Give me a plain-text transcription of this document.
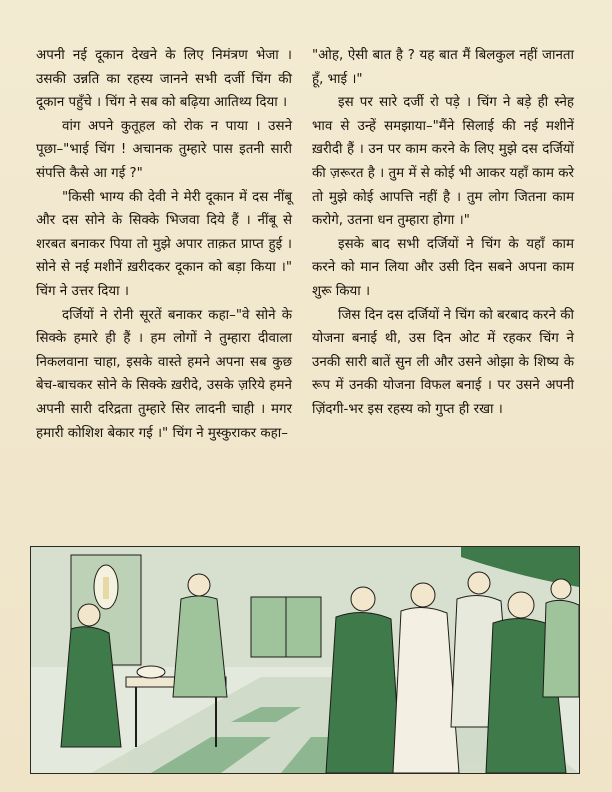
अपनी नई दूकान देखने के लिए निमंत्रण भेजा । उसकी उन्नति का रहस्य जानने सभी दर्जी चिंग की दूकान पहुँचे । चिंग ने सब को बढ़िया आतिथ्य दिया ।

वांग अपने कुतूहल को रोक न पाया । उसने पूछा–"भाई चिंग ! अचानक तुम्हारे पास इतनी सारी संपत्ति कैसे आ गई ?"

"किसी भाग्य की देवी ने मेरी दूकान में दस नींबू और दस सोने के सिक्के भिजवा दिये हैं । नींबू से शरबत बनाकर पिया तो मुझे अपार ताक़त प्राप्त हुई । सोने से नई मशीनें ख़रीदकर दूकान को बड़ा किया ।" चिंग ने उत्तर दिया ।

दर्जियों ने रोनी सूरतें बनाकर कहा–"वे सोने के सिक्के हमारे ही हैं । हम लोगों ने तुम्हारा दीवाला निकलवाना चाहा, इसके वास्ते हमने अपना सब कुछ बेच-बाचकर सोने के सिक्के ख़रीदे, उसके ज़रिये हमने अपनी सारी दरिद्रता तुम्हारे सिर लादनी चाही । मगर हमारी कोशिश बेकार गई ।" चिंग ने मुस्कुराकर कहा–

"ओह, ऐसी बात है ? यह बात मैं बिलकुल नहीं जानता हूँ, भाई ।"

इस पर सारे दर्जी रो पड़े । चिंग ने बड़े ही स्नेह भाव से उन्हें समझाया–"मैंने सिलाई की नई मशीनें ख़रीदी हैं । उन पर काम करने के लिए मुझे दस दर्जियों की ज़रूरत है । तुम में से कोई भी आकर यहाँ काम करे तो मुझे कोई आपत्ति नहीं है । तुम लोग जितना काम करोगे, उतना धन तुम्हारा होगा ।"

इसके बाद सभी दर्जियों ने चिंग के यहाँ काम करने को मान लिया और उसी दिन सबने अपना काम शुरू किया ।

जिस दिन दस दर्जियों ने चिंग को बरबाद करने की योजना बनाई थी, उस दिन ओट में रहकर चिंग ने उनकी सारी बातें सुन ली और उसने ओझा के शिष्य के रूप में उनकी योजना विफल बनाई । पर उसने अपनी ज़िंदगी-भर इस रहस्य को गुप्त ही रखा ।
